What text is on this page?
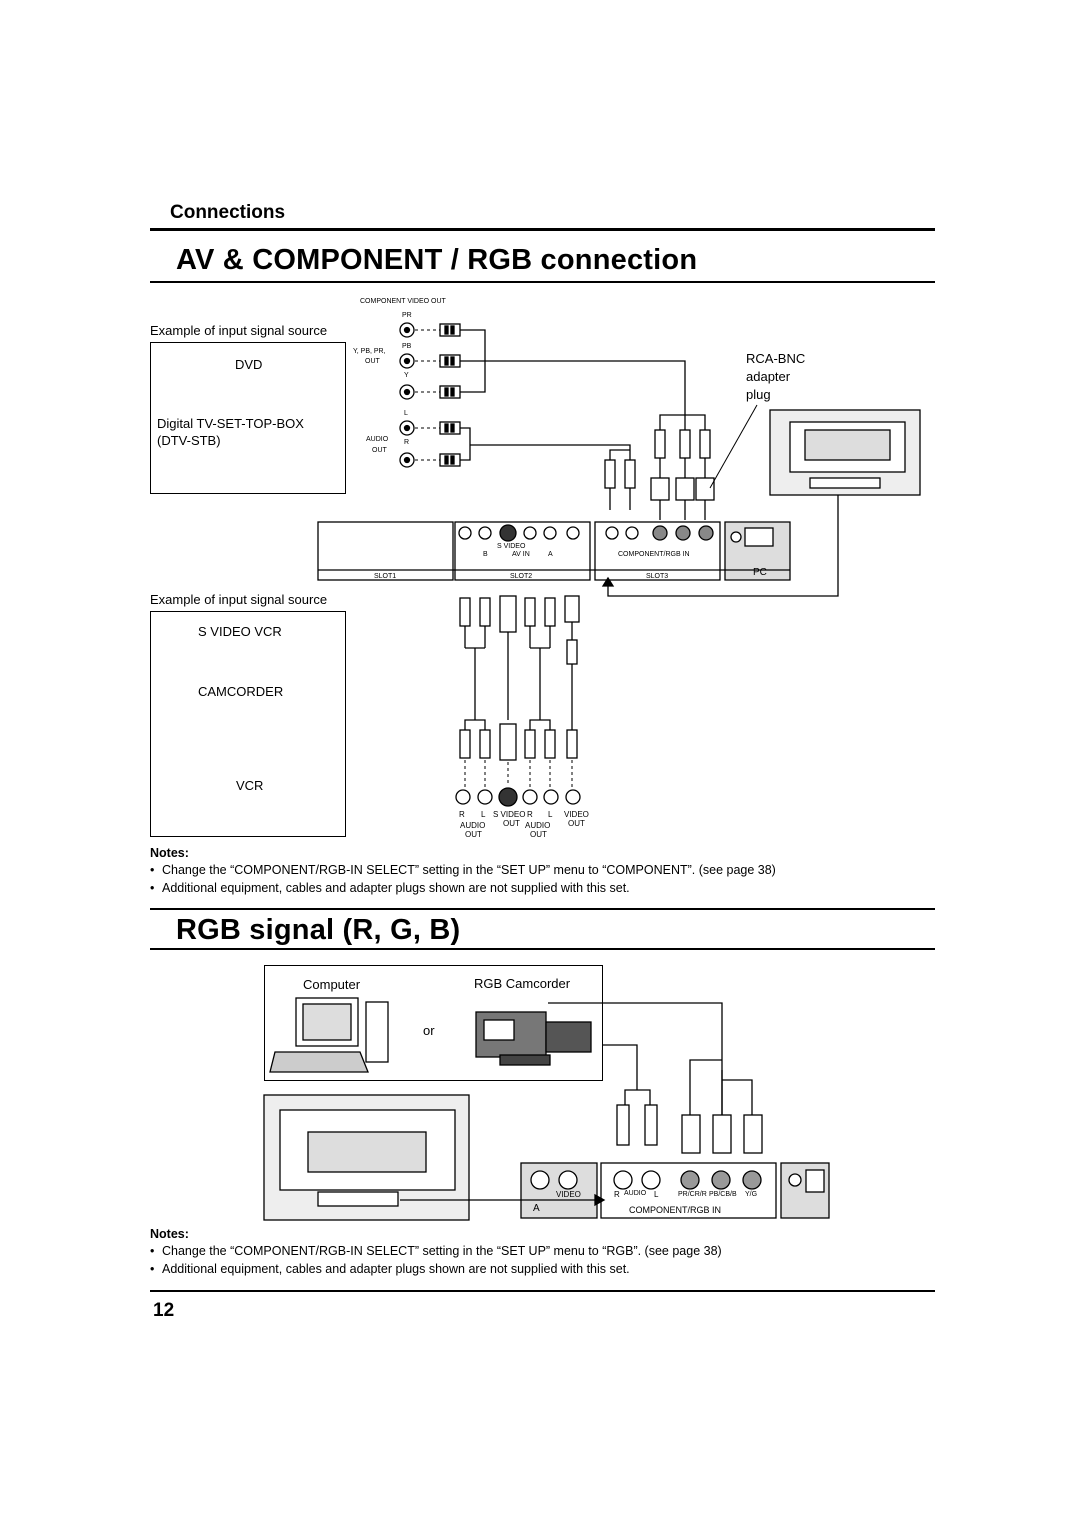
Connections
AV & COMPONENT / RGB connection
COMPONENT VIDEO OUT
PR
Y, PB, PR,
OUT
PB
Y
L
AUDIO R
OUT
Example of input signal source
DVD
Digital TV-SET-TOP-BOX
(DTV-STB)
RCA-BNC
adapter
plug
SLOT1	SLOT2	SLOT3	PC
S VIDEO
B	AV IN	A	COMPONENT/RGB IN
Example of input signal source
S VIDEO VCR
CAMCORDER
VCR
R L S VIDEO R L VIDEO
AUDIO OUT AUDIO OUT
OUT	OUT
Notes:
• Change the “COMPONENT/RGB-IN SELECT” setting in the “SET UP” menu to “COMPONENT”. (see page 38)
• Additional equipment, cables and adapter plugs shown are not supplied with this set.
RGB signal (R, G, B)
Computer	RGB Camcorder
or
VIDEO
A
R AUDIO L	PR/CR/R PB/CB/B Y/G
COMPONENT/RGB IN
Notes:
• Change the “COMPONENT/RGB-IN SELECT” setting in the “SET UP” menu to “RGB”. (see page 38)
• Additional equipment, cables and adapter plugs shown are not supplied with this set.
12
